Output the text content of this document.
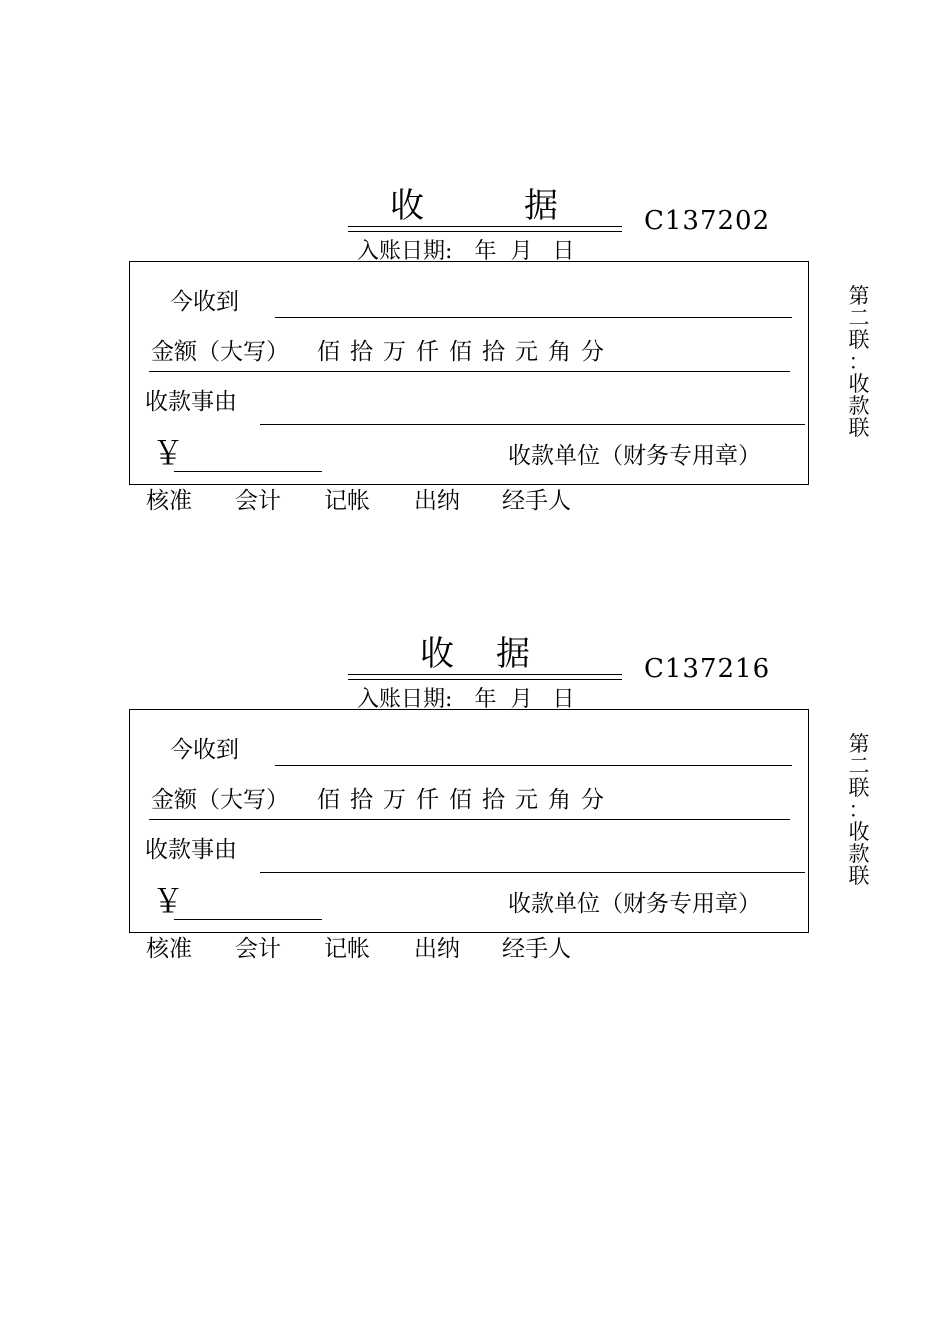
收	据	C137202
入账日期: 年 月 日
今收到
金额（大写） 佰 拾 万 仟 佰 拾 元 角 分
收款事由
￥	收款单位（财务专用章）
第
二
联
：
收
款
联
核准 会计 记帐 出纳 经手人
收 据	C137216
入账日期: 年 月 日
今收到
金额（大写） 佰 拾 万 仟 佰 拾 元 角 分
收款事由
￥	收款单位（财务专用章）
第
二
联
：
收
款
联
核准 会计 记帐 出纳 经手人
